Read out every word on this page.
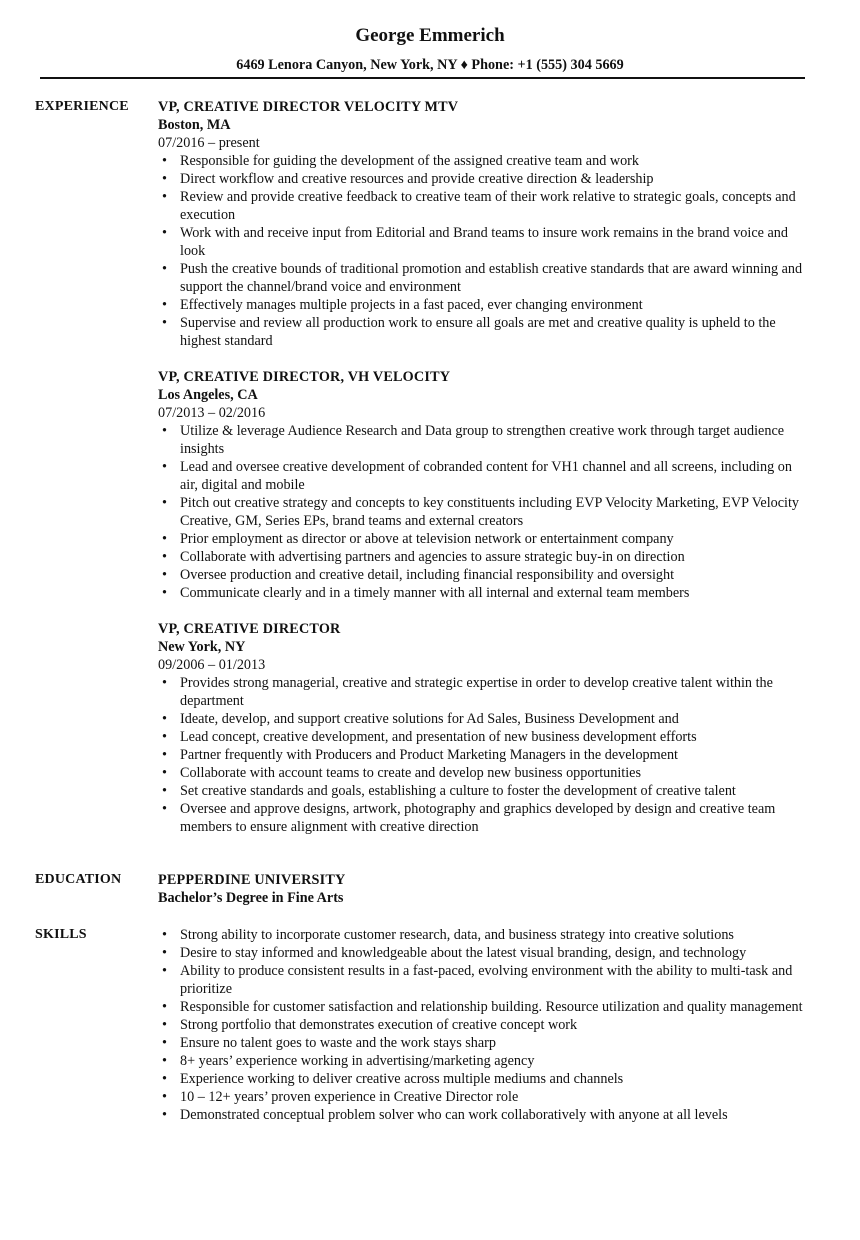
George Emmerich
6469 Lenora Canyon, New York, NY ♦ Phone: +1 (555) 304 5669
EXPERIENCE VP, CREATIVE DIRECTOR VELOCITY MTV
Boston, MA
07/2016 – present
• Responsible for guiding the development of the assigned creative team and work
• Direct workflow and creative resources and provide creative direction & leadership
• Review and provide creative feedback to creative team of their work relative to strategic goals, concepts and execution
• Work with and receive input from Editorial and Brand teams to insure work remains in the brand voice and look
• Push the creative bounds of traditional promotion and establish creative standards that are award winning and support the channel/brand voice and environment
• Effectively manages multiple projects in a fast paced, ever changing environment
• Supervise and review all production work to ensure all goals are met and creative quality is upheld to the highest standard
VP, CREATIVE DIRECTOR, VH VELOCITY
Los Angeles, CA
07/2013 – 02/2016
• Utilize & leverage Audience Research and Data group to strengthen creative work through target audience insights
• Lead and oversee creative development of cobranded content for VH1 channel and all screens, including on air, digital and mobile
• Pitch out creative strategy and concepts to key constituents including EVP Velocity Marketing, EVP Velocity Creative, GM, Series EPs, brand teams and external creators
• Prior employment as director or above at television network or entertainment company
• Collaborate with advertising partners and agencies to assure strategic buy-in on direction
• Oversee production and creative detail, including financial responsibility and oversight
• Communicate clearly and in a timely manner with all internal and external team members
VP, CREATIVE DIRECTOR
New York, NY
09/2006 – 01/2013
• Provides strong managerial, creative and strategic expertise in order to develop creative talent within the department
• Ideate, develop, and support creative solutions for Ad Sales, Business Development and
• Lead concept, creative development, and presentation of new business development efforts
• Partner frequently with Producers and Product Marketing Managers in the development
• Collaborate with account teams to create and develop new business opportunities
• Set creative standards and goals, establishing a culture to foster the development of creative talent
• Oversee and approve designs, artwork, photography and graphics developed by design and creative team members to ensure alignment with creative direction
EDUCATION	PEPPERDINE UNIVERSITY
Bachelor’s Degree in Fine Arts
SKILLS
•	Strong ability to incorporate customer research, data, and business strategy into creative solutions
• Desire to stay informed and knowledgeable about the latest visual branding, design, and technology
• Ability to produce consistent results in a fast-paced, evolving environment with the ability to multi-task and prioritize
• Responsible for customer satisfaction and relationship building. Resource utilization and quality management
• Strong portfolio that demonstrates execution of creative concept work
• Ensure no talent goes to waste and the work stays sharp
• 8+ years’ experience working in advertising/marketing agency
• Experience working to deliver creative across multiple mediums and channels
• 10 – 12+ years’ proven experience in Creative Director role
• Demonstrated conceptual problem solver who can work collaboratively with anyone at all levels
